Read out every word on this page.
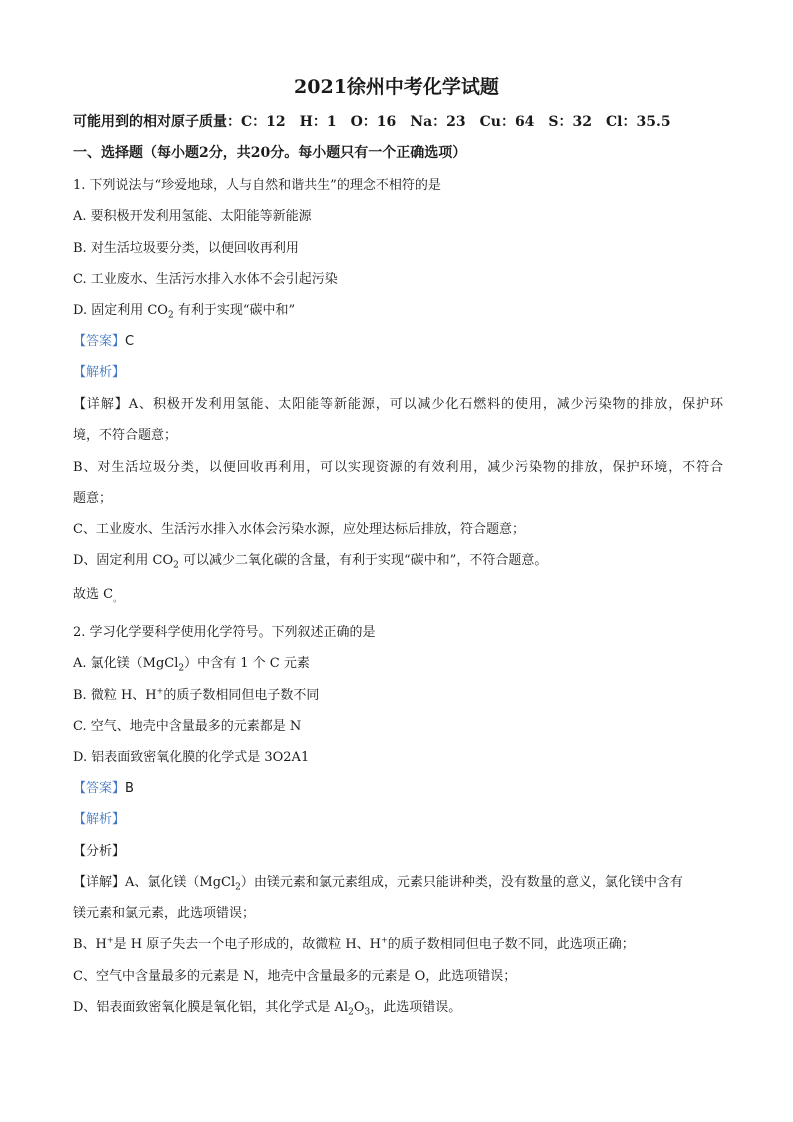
2021徐州中考化学试题
可能用到的相对原子质量：C：12　H：1　O：16　Na：23　Cu：64　S：32　Cl：35.5
一、选择题（每小题2分，共20分。每小题只有一个正确选项）
1. 下列说法与“珍爱地球，人与自然和谐共生”的理念不相符的是
A. 要积极开发利用氢能、太阳能等新能源
B. 对生活垃圾要分类，以便回收再利用
C. 工业废水、生活污水排入水体不会引起污染
D. 固定利用 $CO_2$ 有利于实现“碳中和”
【答案】C
【解析】
【详解】A、积极开发利用氢能、太阳能等新能源，可以减少化石燃料的使用，减少污染物的排放，保护环
境，不符合题意；
B、对生活垃圾分类，以便回收再利用，可以实现资源的有效利用，减少污染物的排放，保护环境，不符合
题意；
C、工业废水、生活污水排入水体会污染水源，应处理达标后排放，符合题意；
D、固定利用 $CO_2$ 可以减少二氧化碳的含量，有利于实现“碳中和”，不符合题意。
故选 $C_。$
2. 学习化学要科学使用化学符号。下列叙述正确的是
A. 氯化镁（MgCl$_2$）中含有 1 个 C 元素
B. 微粒 H、H+的质子数相同但电子数不同
C. 空气、地壳中含量最多的元素都是 N
D. 铝表面致密氧化膜的化学式是 3O2A1
【答案】B
【解析】
【分析】
【详解】A、氯化镁（MgCl$_2$）由镁元素和氯元素组成，元素只能讲种类，没有数量的意义，氯化镁中含有
镁元素和氯元素，此选项错误；
B、H+是 H 原子失去一个电子形成的，故微粒 H、H+的质子数相同但电子数不同，此选项正确；
C、空气中含量最多的元素是 N，地壳中含量最多的元素是 O，此选项错误；
D、铝表面致密氧化膜是氧化铝，其化学式是 $Al_2O_3$，此选项错误。
